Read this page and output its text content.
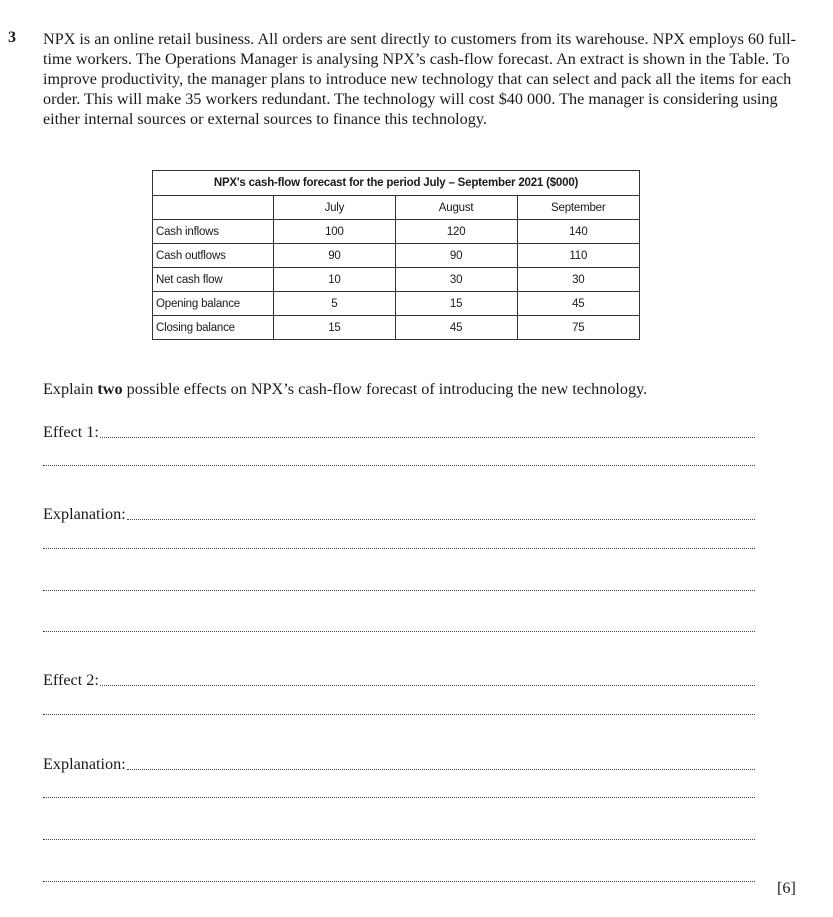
3 NPX is an online retail business. All orders are sent directly to customers from its warehouse. NPX employs 60 full-time workers. The Operations Manager is analysing NPX’s cash-flow forecast. An extract is shown in the Table. To improve productivity, the manager plans to introduce new technology that can select and pack all the items for each order. This will make 35 workers redundant. The technology will cost $40 000. The manager is considering using either internal sources or external sources to finance this technology.

NPX's cash-flow forecast for the period July – September 2021 ($000)			
	July	August	September
Cash inflows	100	120	140
Cash outflows	90	90	110
Net cash flow	10	30	30
Opening balance	5	15	45
Closing balance	15	45	75
Explain two possible effects on NPX’s cash-flow forecast of introducing the new technology.
Effect 1:
Explanation:
Effect 2:
Explanation:
[6]
